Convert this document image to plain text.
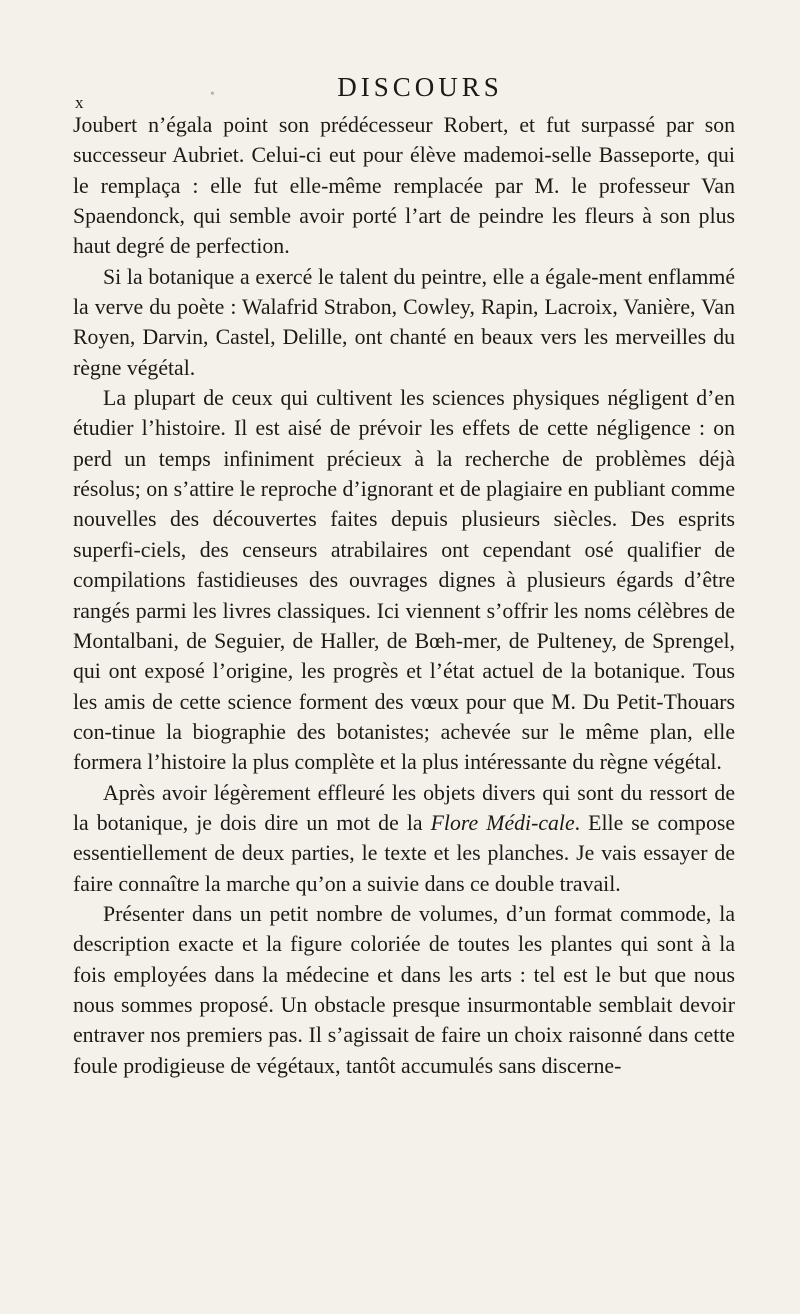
x	•	DISCOURS

Joubert n’égala point son prédécesseur Robert, et fut surpassé par son successeur Aubriet. Celui-ci eut pour élève mademoi-selle Basseporte, qui le remplaça : elle fut elle-même remplacée par M. le professeur Van Spaendonck, qui semble avoir porté l’art de peindre les fleurs à son plus haut degré de perfection.

Si la botanique a exercé le talent du peintre, elle a égale-ment enflammé la verve du poète : Walafrid Strabon, Cowley, Rapin, Lacroix, Vanière, Van Royen, Darvin, Castel, Delille, ont chanté en beaux vers les merveilles du règne végétal.

La plupart de ceux qui cultivent les sciences physiques négligent d’en étudier l’histoire. Il est aisé de prévoir les effets de cette négligence : on perd un temps infiniment précieux à la recherche de problèmes déjà résolus; on s’attire le reproche d’ignorant et de plagiaire en publiant comme nouvelles des découvertes faites depuis plusieurs siècles. Des esprits superfi-ciels, des censeurs atrabilaires ont cependant osé qualifier de compilations fastidieuses des ouvrages dignes à plusieurs égards d’être rangés parmi les livres classiques. Ici viennent s’offrir les noms célèbres de Montalbani, de Seguier, de Haller, de Bœh-mer, de Pulteney, de Sprengel, qui ont exposé l’origine, les progrès et l’état actuel de la botanique. Tous les amis de cette science forment des vœux pour que M. Du Petit-Thouars con-tinue la biographie des botanistes; achevée sur le même plan, elle formera l’histoire la plus complète et la plus intéressante du règne végétal.

Après avoir légèrement effleuré les objets divers qui sont du ressort de la botanique, je dois dire un mot de la Flore Médi-cale. Elle se compose essentiellement de deux parties, le texte et les planches. Je vais essayer de faire connaître la marche qu’on a suivie dans ce double travail.

Présenter dans un petit nombre de volumes, d’un format commode, la description exacte et la figure coloriée de toutes les plantes qui sont à la fois employées dans la médecine et dans les arts : tel est le but que nous nous sommes proposé. Un obstacle presque insurmontable semblait devoir entraver nos premiers pas. Il s’agissait de faire un choix raisonné dans cette foule prodigieuse de végétaux, tantôt accumulés sans discerne-
